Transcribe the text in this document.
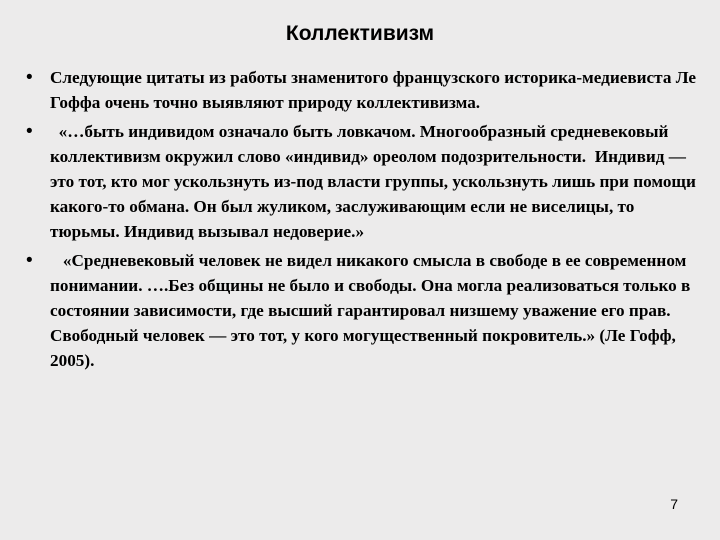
Коллективизм
• Следующие цитаты из работы знаменитого французского историка-медиевиста Ле Гоффа очень точно выявляют природу коллективизма.
• «…быть индивидом означало быть ловкачом. Многообразный средневековый коллективизм окружил слово «индивид» ореолом подозрительности.  Индивид — это тот, кто мог ускользнуть из-под власти группы, ускользнуть лишь при помощи какого-то обмана. Он был жуликом, заслуживающим если не виселицы, то тюрьмы. Индивид вызывал недоверие.»
• «Средневековый человек не видел никакого смысла в свободе в ее современном понимании. ….Без общины не было и свободы. Она могла реализоваться только в состоянии зависимости, где высший гарантировал низшему уважение его прав. Свободный человек — это тот, у кого могущественный покровитель.» (Ле Гофф, 2005).
7
